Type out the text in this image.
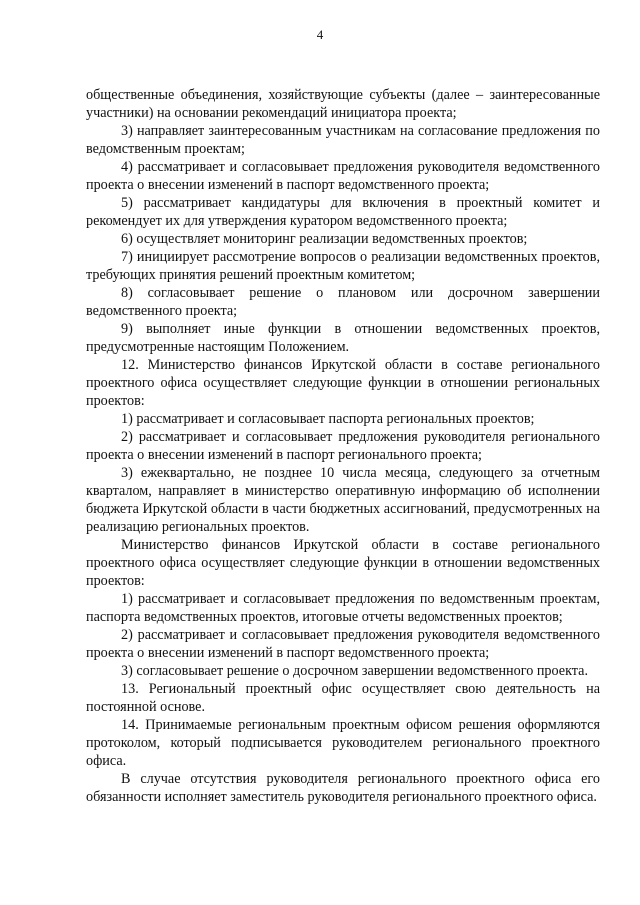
4

общественные объединения, хозяйствующие субъекты (далее – заинтересованные участники) на основании рекомендаций инициатора проекта;

3) направляет заинтересованным участникам на согласование предложения по ведомственным проектам;

4) рассматривает и согласовывает предложения руководителя ведомственного проекта о внесении изменений в паспорт ведомственного проекта;

5) рассматривает кандидатуры для включения в проектный комитет и рекомендует их для утверждения куратором ведомственного проекта;

6) осуществляет мониторинг реализации ведомственных проектов;

7) инициирует рассмотрение вопросов о реализации ведомственных проектов, требующих принятия решений проектным комитетом;

8) согласовывает решение о плановом или досрочном завершении ведомственного проекта;

9) выполняет иные функции в отношении ведомственных проектов, предусмотренные настоящим Положением.

12. Министерство финансов Иркутской области в составе регионального проектного офиса осуществляет следующие функции в отношении региональных проектов:

1) рассматривает и согласовывает паспорта региональных проектов;

2) рассматривает и согласовывает предложения руководителя регионального проекта о внесении изменений в паспорт регионального проекта;

3) ежеквартально, не позднее 10 числа месяца, следующего за отчетным кварталом, направляет в министерство оперативную информацию об исполнении бюджета Иркутской области в части бюджетных ассигнований, предусмотренных на реализацию региональных проектов.

Министерство финансов Иркутской области в составе регионального проектного офиса осуществляет следующие функции в отношении ведомственных проектов:

1) рассматривает и согласовывает предложения по ведомственным проектам, паспорта ведомственных проектов, итоговые отчеты ведомственных проектов;

2) рассматривает и согласовывает предложения руководителя ведомственного проекта о внесении изменений в паспорт ведомственного проекта;

3) согласовывает решение о досрочном завершении ведомственного проекта.

13. Региональный проектный офис осуществляет свою деятельность на постоянной основе.

14. Принимаемые региональным проектным офисом решения оформляются протоколом, который подписывается руководителем регионального проектного офиса.

В случае отсутствия руководителя регионального проектного офиса его обязанности исполняет заместитель руководителя регионального проектного офиса.
